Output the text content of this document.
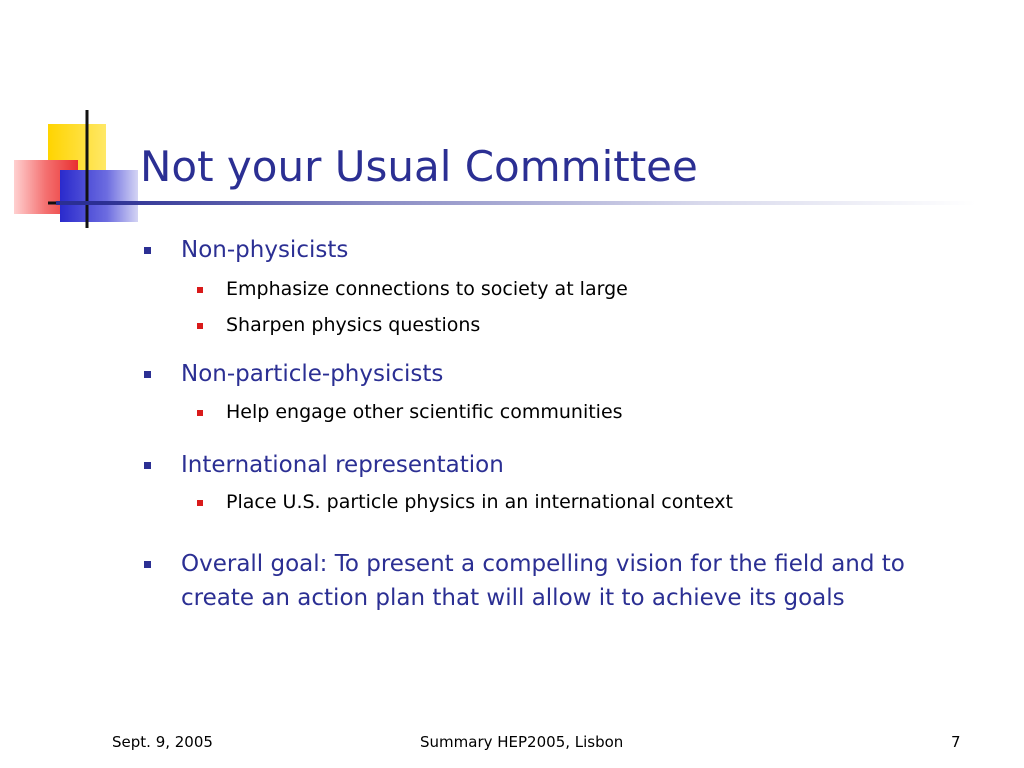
Not your Usual Committee
Non-physicists
Emphasize connections to society at large
Sharpen physics questions
Non-particle-physicists
Help engage other scientific communities
International representation
Place U.S. particle physics in an international context
Overall goal: To present a compelling vision for the field and to create an action plan that will allow it to achieve its goals
Sept. 9, 2005	Summary HEP2005, Lisbon	7
